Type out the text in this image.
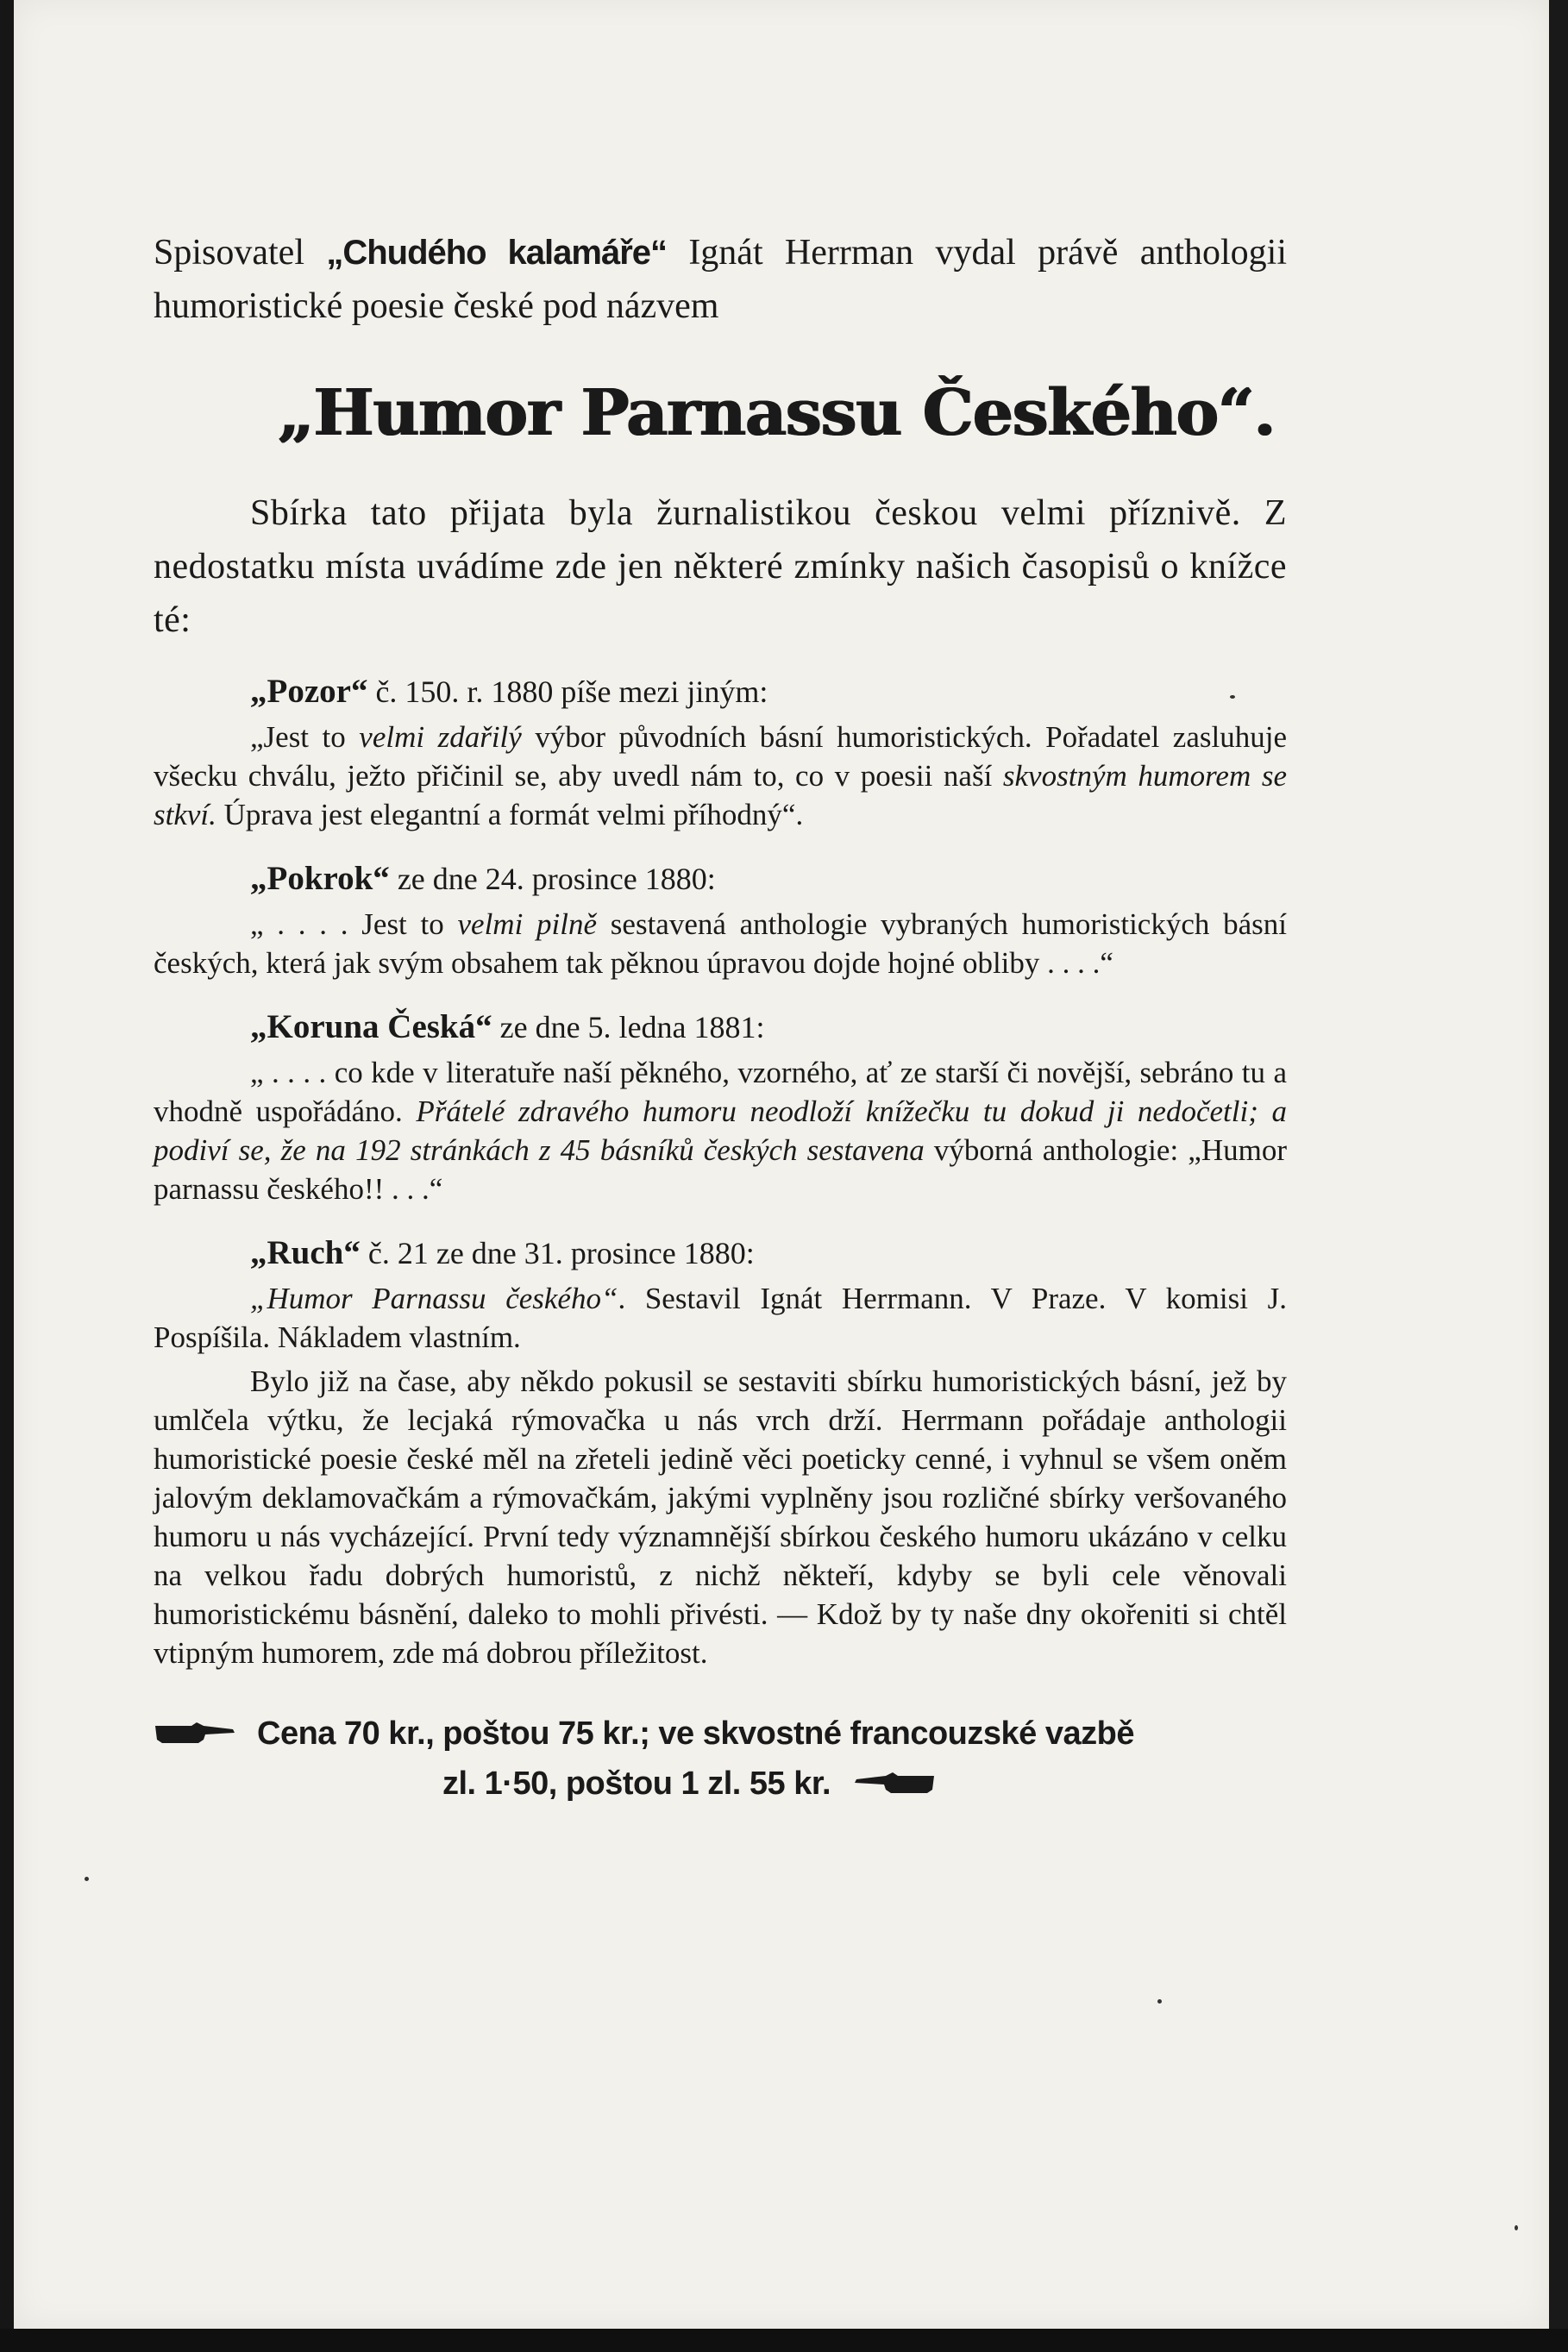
Spisovatel „Chudého kalamáře“ Ignát Herrman vydal právě anthologii humoristické poesie české pod názvem

„Humor Parnassu Českého“.

Sbírka tato přijata byla žurnalistikou českou velmi příznivě. Z nedostatku místa uvádíme zde jen některé zmínky našich časopisů o knížce té:

„Pozor“ č. 150. r. 1880 píše mezi jiným:

„Jest to velmi zdařilý výbor původních básní humoristických. Pořadatel zasluhuje všecku chválu, ježto přičinil se, aby uvedl nám to, co v poesii naší skvostným humorem se stkví. Úprava jest elegantní a formát velmi příhodný“.

„Pokrok“ ze dne 24. prosince 1880:

„ . . . . Jest to velmi pilně sestavená anthologie vybraných humoristických básní českých, která jak svým obsahem tak pěknou úpravou dojde hojné obliby . . . .“

„Koruna Česká“ ze dne 5. ledna 1881:

„ . . . . co kde v literatuře naší pěkného, vzorného, ať ze starší či novější, sebráno tu a vhodně uspořádáno. Přátelé zdravého humoru neodloží knížečku tu dokud ji nedočetli; a podiví se, že na 192 stránkách z 45 básníků českých sestavena výborná anthologie: „Humor parnassu českého!! . . .“

„Ruch“ č. 21 ze dne 31. prosince 1880:

„Humor Parnassu českého“. Sestavil Ignát Herrmann. V Praze. V komisi J. Pospíšila. Nákladem vlastním.

Bylo již na čase, aby někdo pokusil se sestaviti sbírku humoristických básní, jež by umlčela výtku, že lecjaká rýmovačka u nás vrch drží. Herrmann pořádaje anthologii humoristické poesie české měl na zřeteli jedině věci poeticky cenné, i vyhnul se všem oněm jalovým deklamovačkám a rýmovačkám, jakými vyplněny jsou rozličné sbírky veršovaného humoru u nás vycházející. První tedy významnější sbírkou českého humoru ukázáno v celku na velkou řadu dobrých humoristů, z nichž někteří, kdyby se byli cele věnovali humoristickému básnění, daleko to mohli přivésti. — Kdož by ty naše dny okořeniti si chtěl vtipným humorem, zde má dobrou příležitost.

Cena 70 kr., poštou 75 kr.; ve skvostné francouzské vazbě
zl. 1·50, poštou 1 zl. 55 kr.
